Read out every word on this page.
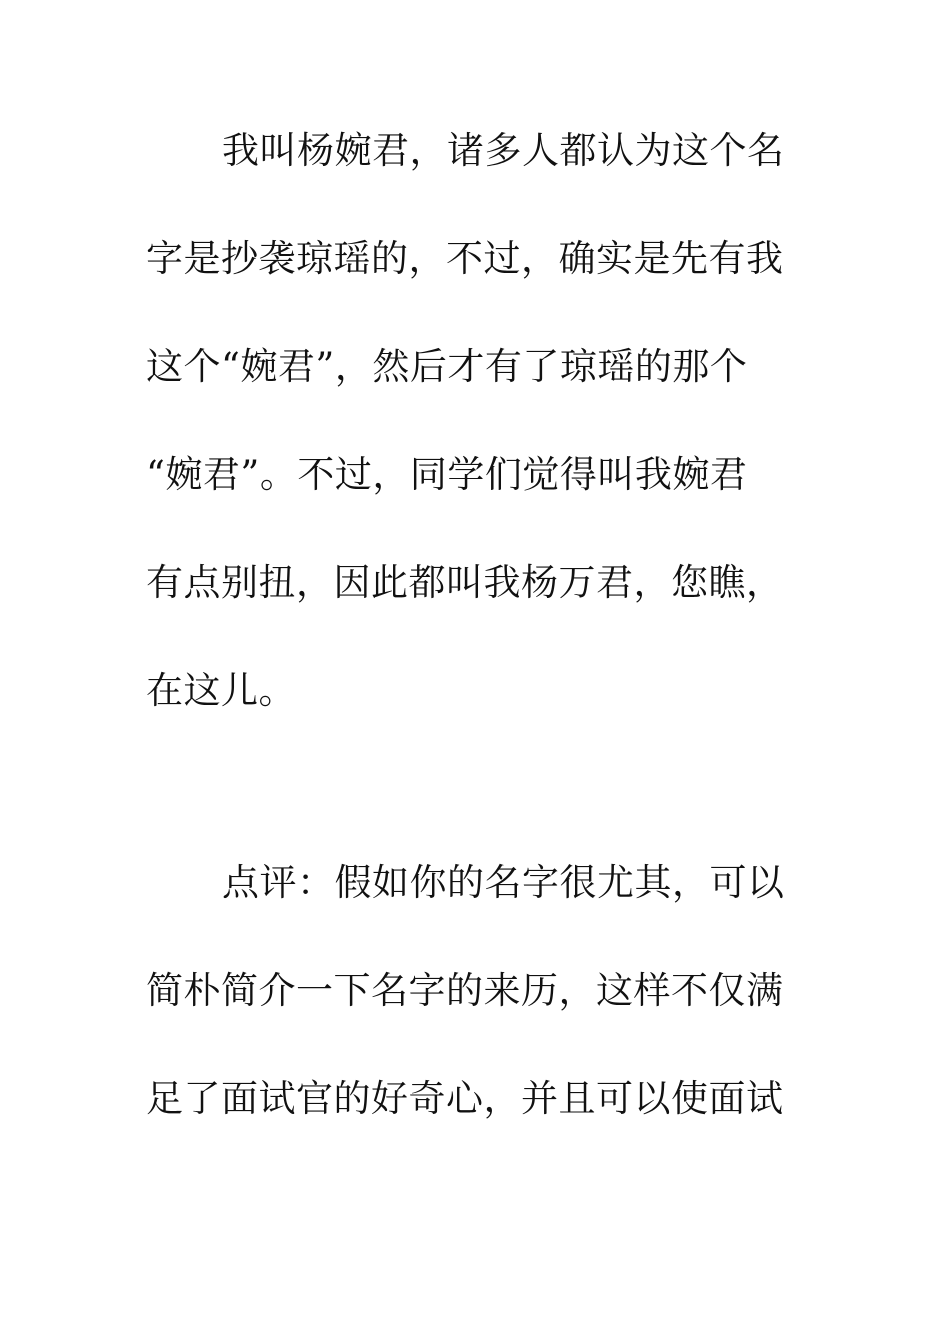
我叫杨婉君，诸多人都认为这个名
字是抄袭琼瑶的，不过，确实是先有我
这个“婉君”，然后才有了琼瑶的那个
“婉君”。不过，同学们觉得叫我婉君
有点别扭，因此都叫我杨万君，您瞧，
在这儿。
点评：假如你的名字很尤其，可以
简朴简介一下名字的来历，这样不仅满
足了面试官的好奇心，并且可以使面试
